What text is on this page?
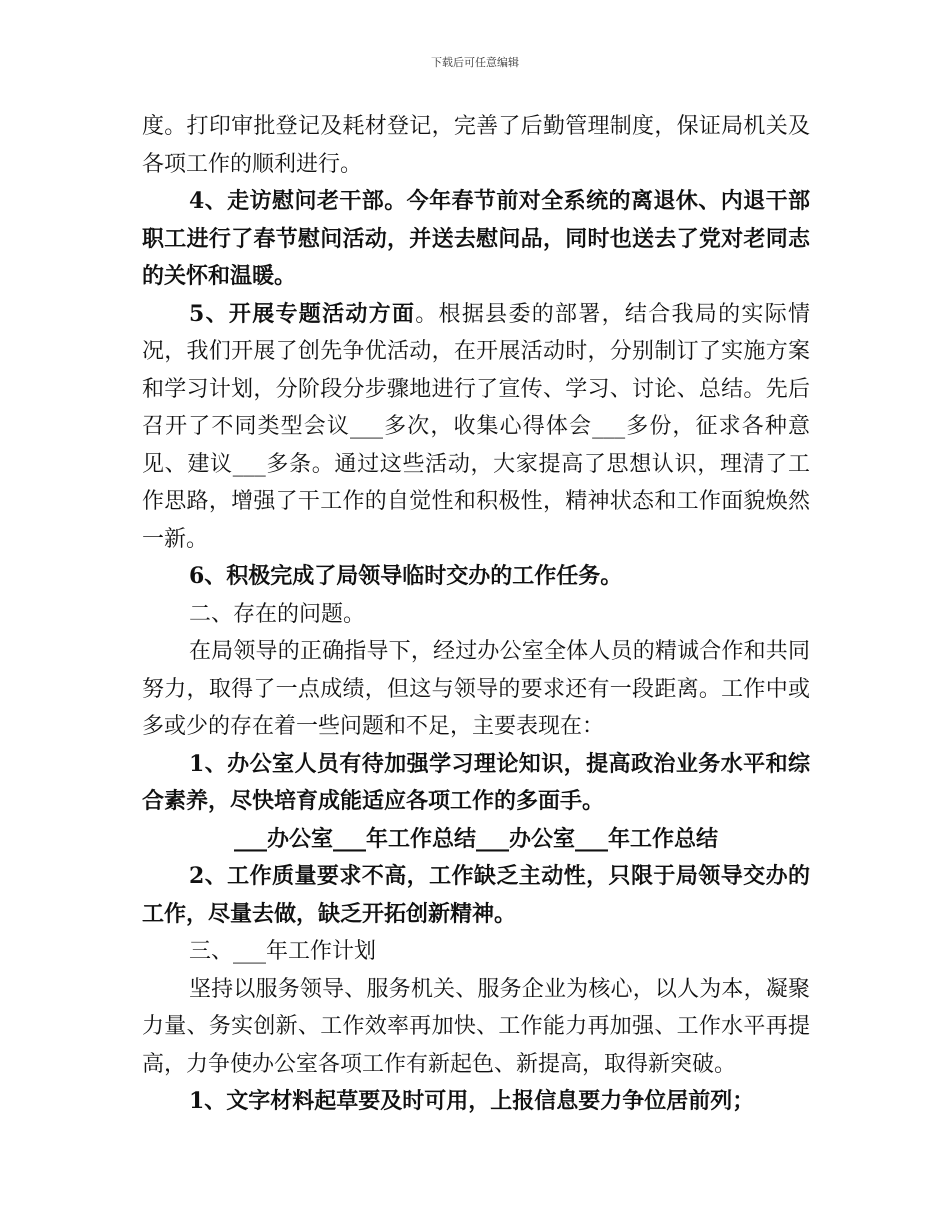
下载后可任意编辑

度。打印审批登记及耗材登记，完善了后勤管理制度，保证局机关及各项工作的顺利进行。

4、走访慰问老干部。今年春节前对全系统的离退休、内退干部职工进行了春节慰问活动，并送去慰问品，同时也送去了党对老同志的关怀和温暖。

5、开展专题活动方面。根据县委的部署，结合我局的实际情况，我们开展了创先争优活动，在开展活动时，分别制订了实施方案和学习计划，分阶段分步骤地进行了宣传、学习、讨论、总结。先后召开了不同类型会议___多次，收集心得体会___多份，征求各种意见、建议___多条。通过这些活动，大家提高了思想认识，理清了工作思路，增强了干工作的自觉性和积极性，精神状态和工作面貌焕然一新。

6、积极完成了局领导临时交办的工作任务。

二、存在的问题。

在局领导的正确指导下，经过办公室全体人员的精诚合作和共同努力，取得了一点成绩，但这与领导的要求还有一段距离。工作中或多或少的存在着一些问题和不足，主要表现在：

1、办公室人员有待加强学习理论知识，提高政治业务水平和综合素养，尽快培育成能适应各项工作的多面手。

___办公室___年工作总结___办公室___年工作总结

2、工作质量要求不高，工作缺乏主动性，只限于局领导交办的工作，尽量去做，缺乏开拓创新精神。

三、___年工作计划

坚持以服务领导、服务机关、服务企业为核心，以人为本，凝聚力量、务实创新、工作效率再加快、工作能力再加强、工作水平再提高，力争使办公室各项工作有新起色、新提高，取得新突破。

1、文字材料起草要及时可用，上报信息要力争位居前列；
